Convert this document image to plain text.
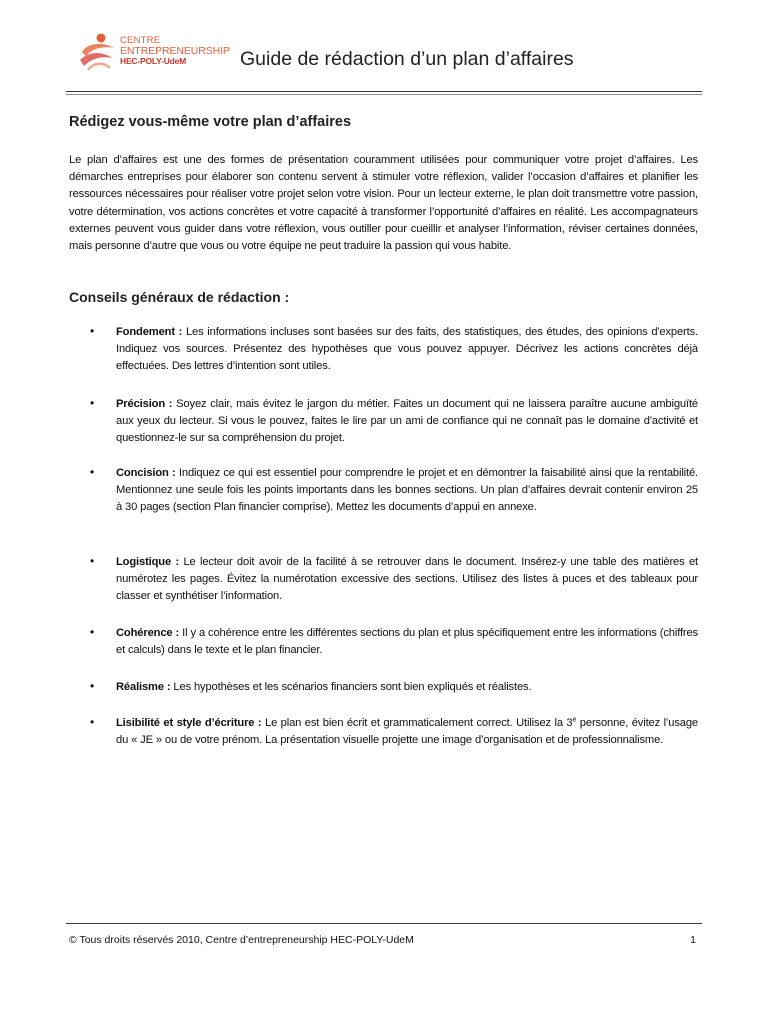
CENTRE
ENTREPRENEURSHIP
HEC-POLY-UdeM	Guide de rédaction d’un plan d’affaires
Rédigez vous-même votre plan d’affaires

Le plan d’affaires est une des formes de présentation couramment utilisées pour communiquer votre projet d’affaires. Les démarches entreprises pour élaborer son contenu servent à stimuler votre réflexion, valider l’occasion d’affaires et planifier les ressources nécessaires pour réaliser votre projet selon votre vision. Pour un lecteur externe, le plan doit transmettre votre passion, votre détermination, vos actions concrètes et votre capacité à transformer l’opportunité d’affaires en réalité. Les accompagnateurs externes peuvent vous guider dans votre réflexion, vous outiller pour cueillir et analyser l’information, réviser certaines données, mais personne d’autre que vous ou votre équipe ne peut traduire la passion qui vous habite.

Conseils généraux de rédaction :
• Fondement : Les informations incluses sont basées sur des faits, des statistiques, des études, des opinions d'experts. Indiquez vos sources. Présentez des hypothèses que vous pouvez appuyer. Décrivez les actions concrètes déjà effectuées. Des lettres d’intention sont utiles.

• Précision : Soyez clair, mais évitez le jargon du métier. Faites un document qui ne laissera paraître aucune ambiguïté aux yeux du lecteur. Si vous le pouvez, faites le lire par un ami de confiance qui ne connaît pas le domaine d'activité et questionnez-le sur sa compréhension du projet.

• Concision : Indiquez ce qui est essentiel pour comprendre le projet et en démontrer la faisabilité ainsi que la rentabilité. Mentionnez une seule fois les points importants dans les bonnes sections. Un plan d’affaires devrait contenir environ 25 à 30 pages (section Plan financier comprise). Mettez les documents d’appui en annexe.

• Logistique : Le lecteur doit avoir de la facilité à se retrouver dans le document. Insérez-y une table des matières et numérotez les pages. Évitez la numérotation excessive des sections. Utilisez des listes à puces et des tableaux pour classer et synthétiser l’information.

• Cohérence : Il y a cohérence entre les différentes sections du plan et plus spécifiquement entre les informations (chiffres et calculs) dans le texte et le plan financier.

• Réalisme : Les hypothèses et les scénarios financiers sont bien expliqués et réalistes.

• Lisibilité et style d’écriture : Le plan est bien écrit et grammaticalement correct. Utilisez la 3e personne, évitez l’usage du « JE » ou de votre prénom. La présentation visuelle projette une image d’organisation et de professionnalisme.

© Tous droits réservés 2010, Centre d’entrepreneurship HEC-POLY-UdeM	1
